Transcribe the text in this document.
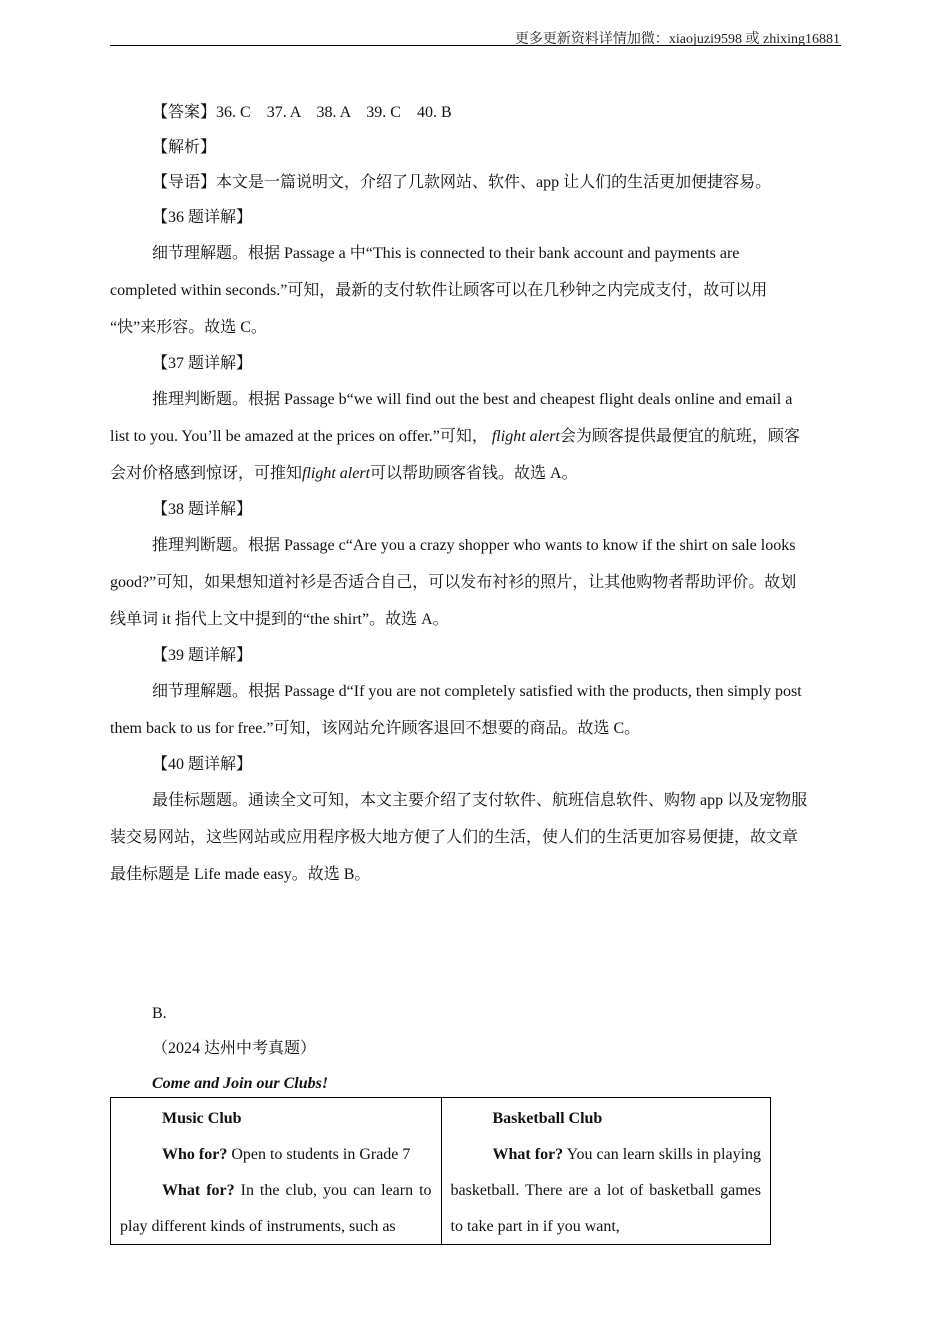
更多更新资料详情加微：xiaojuzi9598 或 zhixing16881

【答案】36. C　37. A　38. A　39. C　40. B

【解析】

【导语】本文是一篇说明文，介绍了几款网站、软件、app 让人们的生活更加便捷容易。

【36 题详解】

细节理解题。根据 Passage a 中“This is connected to their bank account and payments are

completed within seconds.”可知，最新的支付软件让顾客可以在几秒钟之内完成支付，故可以用

“快”来形容。故选 C。

【37 题详解】

推理判断题。根据 Passage b“we will find out the best and cheapest flight deals online and email a

list to you. You’ll be amazed at the prices on offer.”可知， flight alert会为顾客提供最便宜的航班，顾客

会对价格感到惊讶，可推知flight alert可以帮助顾客省钱。故选 A。

【38 题详解】

推理判断题。根据 Passage c“Are you a crazy shopper who wants to know if the shirt on sale looks

good?”可知，如果想知道衬衫是否适合自己，可以发布衬衫的照片，让其他购物者帮助评价。故划

线单词 it 指代上文中提到的“the shirt”。故选 A。

【39 题详解】

细节理解题。根据 Passage d“If you are not completely satisfied with the products, then simply post

them back to us for free.”可知，该网站允许顾客退回不想要的商品。故选 C。

【40 题详解】

最佳标题题。通读全文可知，本文主要介绍了支付软件、航班信息软件、购物 app 以及宠物服

装交易网站，这些网站或应用程序极大地方便了人们的生活，使人们的生活更加容易便捷，故文章

最佳标题是 Life made easy。故选 B。

B.

（2024 达州中考真题）

Come and Join our Clubs!

Music Club

Who for? Open to students in Grade 7

What for? In the club, you can learn to play different kinds of instruments, such as

Basketball Club

What for? You can learn skills in playing basketball. There are a lot of basketball games to take part in if you want,
